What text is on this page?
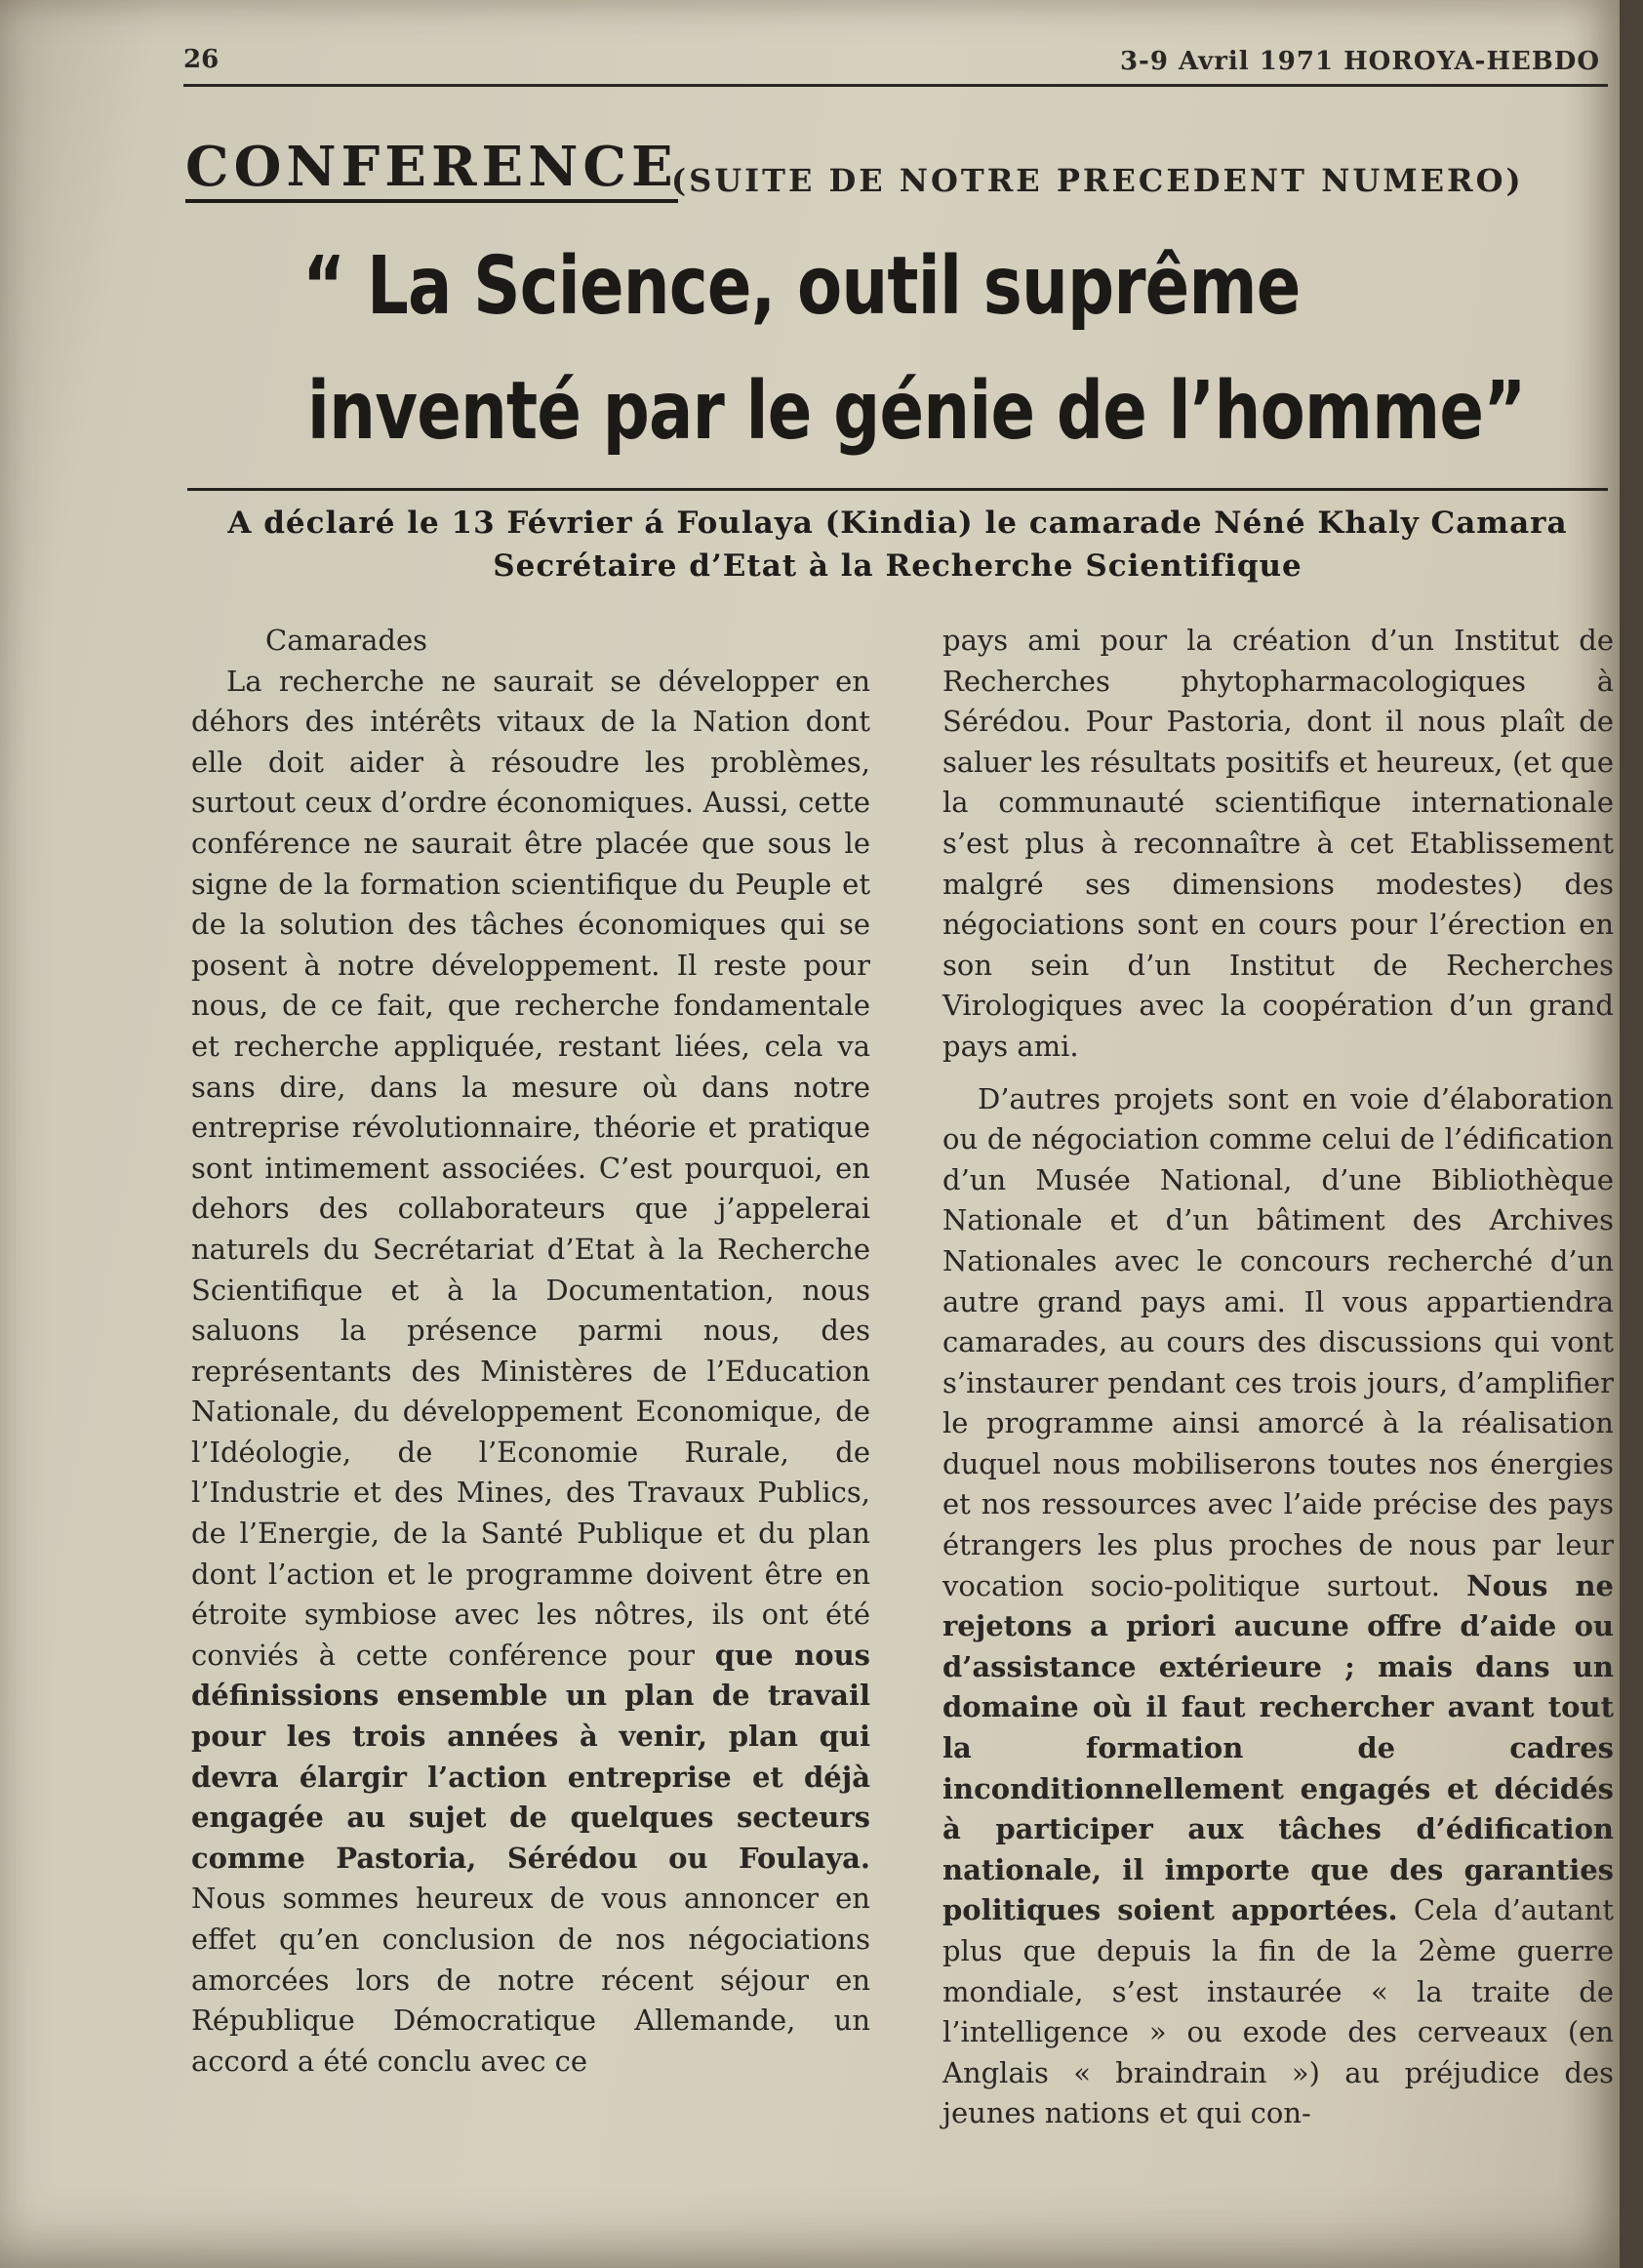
26	3-9 Avril 1971 HOROYA-HEBDO
CONFERENCE
(SUITE DE NOTRE PRECEDENT NUMERO)
“ La Science, outil suprême
inventé par le génie de l’homme”
A déclaré le 13 Février á Foulaya (Kindia) le camarade Néné Khaly Camara
Secrétaire d’Etat à la Recherche Scientifique

Camarades

La recherche ne saurait se développer en déhors des intérêts vitaux de la Nation dont elle doit aider à résoudre les problèmes, surtout ceux d’ordre économiques. Aussi, cette conférence ne saurait être placée que sous le signe de la formation scientifique du Peuple et de la solution des tâches économiques qui se posent à notre développement. Il reste pour nous, de ce fait, que recherche fondamentale et recherche appliquée, restant liées, cela va sans dire, dans la mesure où dans notre entreprise révolutionnaire, théorie et pratique sont intimement associées. C’est pourquoi, en dehors des collaborateurs que j’appelerai naturels du Secrétariat d’Etat à la Recherche Scientifique et à la Documentation, nous saluons la présence parmi nous, des représentants des Ministères de l’Education Nationale, du développement Economique, de l’Idéologie, de l’Economie Rurale, de l’Industrie et des Mines, des Travaux Publics, de l’Energie, de la Santé Publique et du plan dont l’action et le programme doivent être en étroite symbiose avec les nôtres, ils ont été conviés à cette conférence pour que nous définissions ensemble un plan de travail pour les trois années à venir, plan qui devra élargir l’action entreprise et déjà engagée au sujet de quelques secteurs comme Pastoria, Sérédou ou Foulaya. Nous sommes heureux de vous annoncer en effet qu’en conclusion de nos négociations amorcées lors de notre récent séjour en République Démocratique Allemande, un accord a été conclu avec ce

pays ami pour la création d’un Institut de Recherches phytopharmacologiques à Sérédou. Pour Pastoria, dont il nous plaît de saluer les résultats positifs et heureux, (et que la communauté scientifique internationale s’est plus à reconnaître à cet Etablissement malgré ses dimensions modestes) des négociations sont en cours pour l’érection en son sein d’un Institut de Recherches Virologiques avec la coopération d’un grand pays ami.

D’autres projets sont en voie d’élaboration ou de négociation comme celui de l’édification d’un Musée National, d’une Bibliothèque Nationale et d’un bâtiment des Archives Nationales avec le concours recherché d’un autre grand pays ami. Il vous appartiendra camarades, au cours des discussions qui vont s’instaurer pendant ces trois jours, d’amplifier le programme ainsi amorcé à la réalisation duquel nous mobiliserons toutes nos énergies et nos ressources avec l’aide précise des pays étrangers les plus proches de nous par leur vocation socio-politique surtout. Nous ne rejetons a priori aucune offre d’aide ou d’assistance extérieure ; mais dans un domaine où il faut rechercher avant tout la formation de cadres inconditionnellement engagés et décidés à participer aux tâches d’édification nationale, il importe que des garanties politiques soient apportées. Cela d’autant plus que depuis la fin de la 2ème guerre mondiale, s’est instaurée « la traite de l’intelligence » ou exode des cerveaux (en Anglais « braindrain ») au préjudice des jeunes nations et qui con-
